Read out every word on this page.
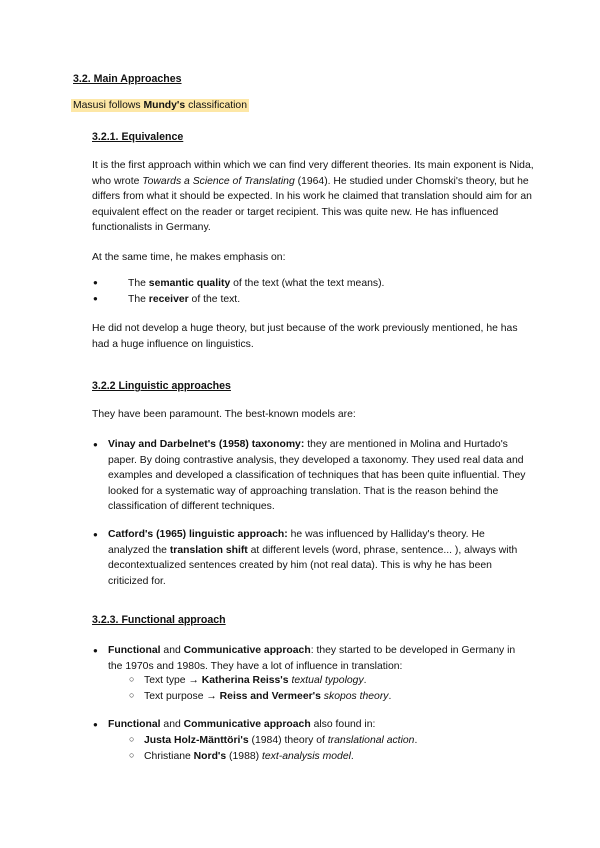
3.2. Main Approaches
Masusi follows Mundy's classification
3.2.1. Equivalence
It is the first approach within which we can find very different theories. Its main exponent is Nida, who wrote Towards a Science of Translating (1964). He studied under Chomski's theory, but he differs from what it should be expected. In his work he claimed that translation should aim for an equivalent effect on the reader or target recipient. This was quite new. He has influenced functionalists in Germany.
At the same time, he makes emphasis on:
●	The semantic quality of the text (what the text means).
●	The receiver of the text.
He did not develop a huge theory, but just because of the work previously mentioned, he has had a huge influence on linguistics.
3.2.2 Linguistic approaches
They have been paramount. The best-known models are:
● Vinay and Darbelnet's (1958) taxonomy: they are mentioned in Molina and Hurtado's paper. By doing contrastive analysis, they developed a taxonomy. They used real data and examples and developed a classification of techniques that has been quite influential. They looked for a systematic way of approaching translation. That is the reason behind the classification of different techniques.
● Catford's (1965) linguistic approach: he was influenced by Halliday's theory. He analyzed the translation shift at different levels (word, phrase, sentence... ), always with decontextualized sentences created by him (not real data). This is why he has been criticized for.
3.2.3. Functional approach
● Functional and Communicative approach: they started to be developed in Germany in the 1970s and 1980s. They have a lot of influence in translation:
○ Text type → Katherina Reiss's textual typology.
○ Text purpose → Reiss and Vermeer's skopos theory.
● Functional and Communicative approach also found in:
○ Justa Holz-Mänttöri's (1984) theory of translational action.
○ Christiane Nord's (1988) text-analysis model.
